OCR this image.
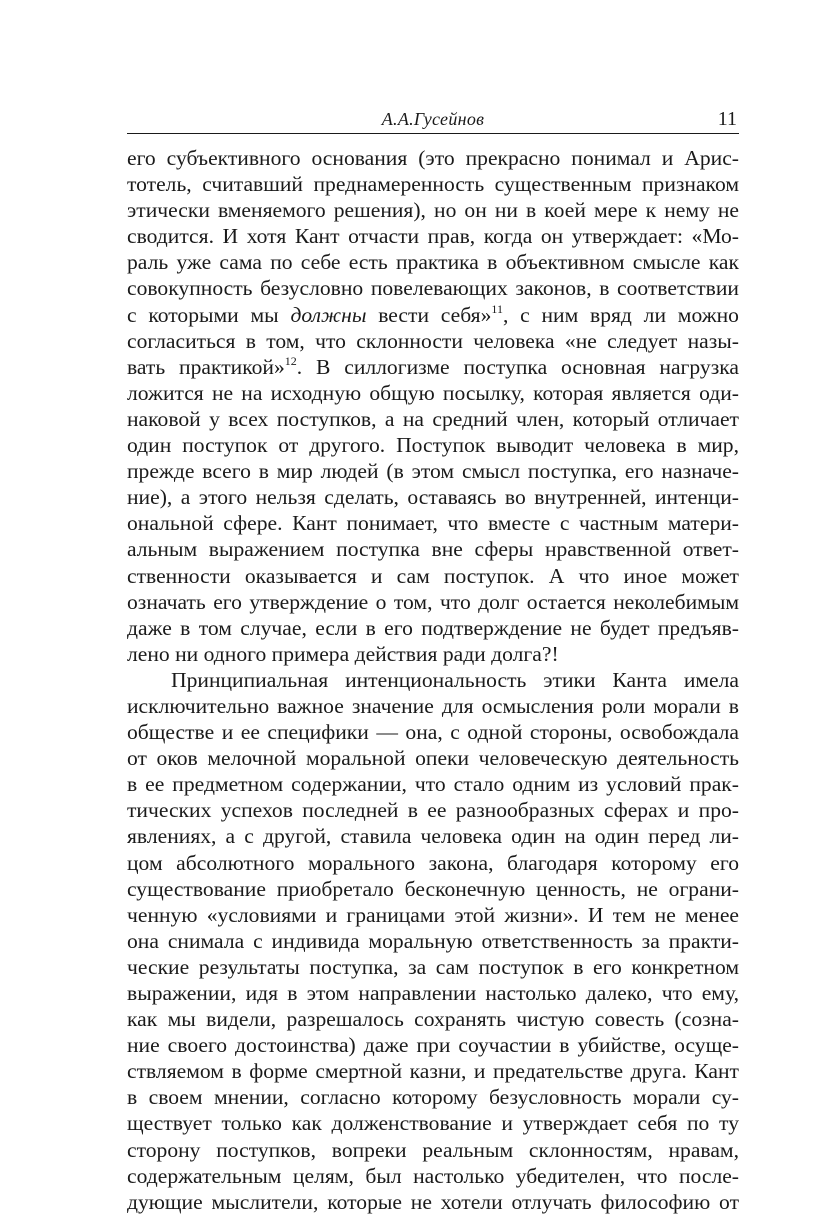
А.А.Гусейнов	11
его субъективного основания (это прекрасно понимал и Арис-
тотель, считавший преднамеренность существенным признаком
этически вменяемого решения), но он ни в коей мере к нему не
сводится. И хотя Кант отчасти прав, когда он утверждает: «Мо-
раль уже сама по себе есть практика в объективном смысле как
совокупность безусловно повелевающих законов, в соответствии
с которыми мы должны вести себя»$^{11}$, с ним вряд ли можно
согласиться в том, что склонности человека «не следует назы-
вать практикой»$^{12}$. В силлогизме поступка основная нагрузка
ложится не на исходную общую посылку, которая является оди-
наковой у всех поступков, а на средний член, который отличает
один поступок от другого. Поступок выводит человека в мир,
прежде всего в мир людей (в этом смысл поступка, его назначе-
ние), а этого нельзя сделать, оставаясь во внутренней, интенци-
ональной сфере. Кант понимает, что вместе с частным матери-
альным выражением поступка вне сферы нравственной ответ-
ственности оказывается и сам поступок. А что иное может
означать его утверждение о том, что долг остается неколебимым
даже в том случае, если в его подтверждение не будет предъяв-
лено ни одного примера действия ради долга?!
Принципиальная интенциональность этики Канта имела
исключительно важное значение для осмысления роли морали в
обществе и ее специфики — она, с одной стороны, освобождала
от оков мелочной моральной опеки человеческую деятельность
в ее предметном содержании, что стало одним из условий прак-
тических успехов последней в ее разнообразных сферах и про-
явлениях, а с другой, ставила человека один на один перед ли-
цом абсолютного морального закона, благодаря которому его
существование приобретало бесконечную ценность, не ограни-
ченную «условиями и границами этой жизни». И тем не менее
она снимала с индивида моральную ответственность за практи-
ческие результаты поступка, за сам поступок в его конкретном
выражении, идя в этом направлении настолько далеко, что ему,
как мы видели, разрешалось сохранять чистую совесть (созна-
ние своего достоинства) даже при соучастии в убийстве, осуще-
ствляемом в форме смертной казни, и предательстве друга. Кант
в своем мнении, согласно которому безусловность морали су-
ществует только как долженствование и утверждает себя по ту
сторону поступков, вопреки реальным склонностям, нравам,
содержательным целям, был настолько убедителен, что после-
дующие мыслители, которые не хотели отлучать философию от
